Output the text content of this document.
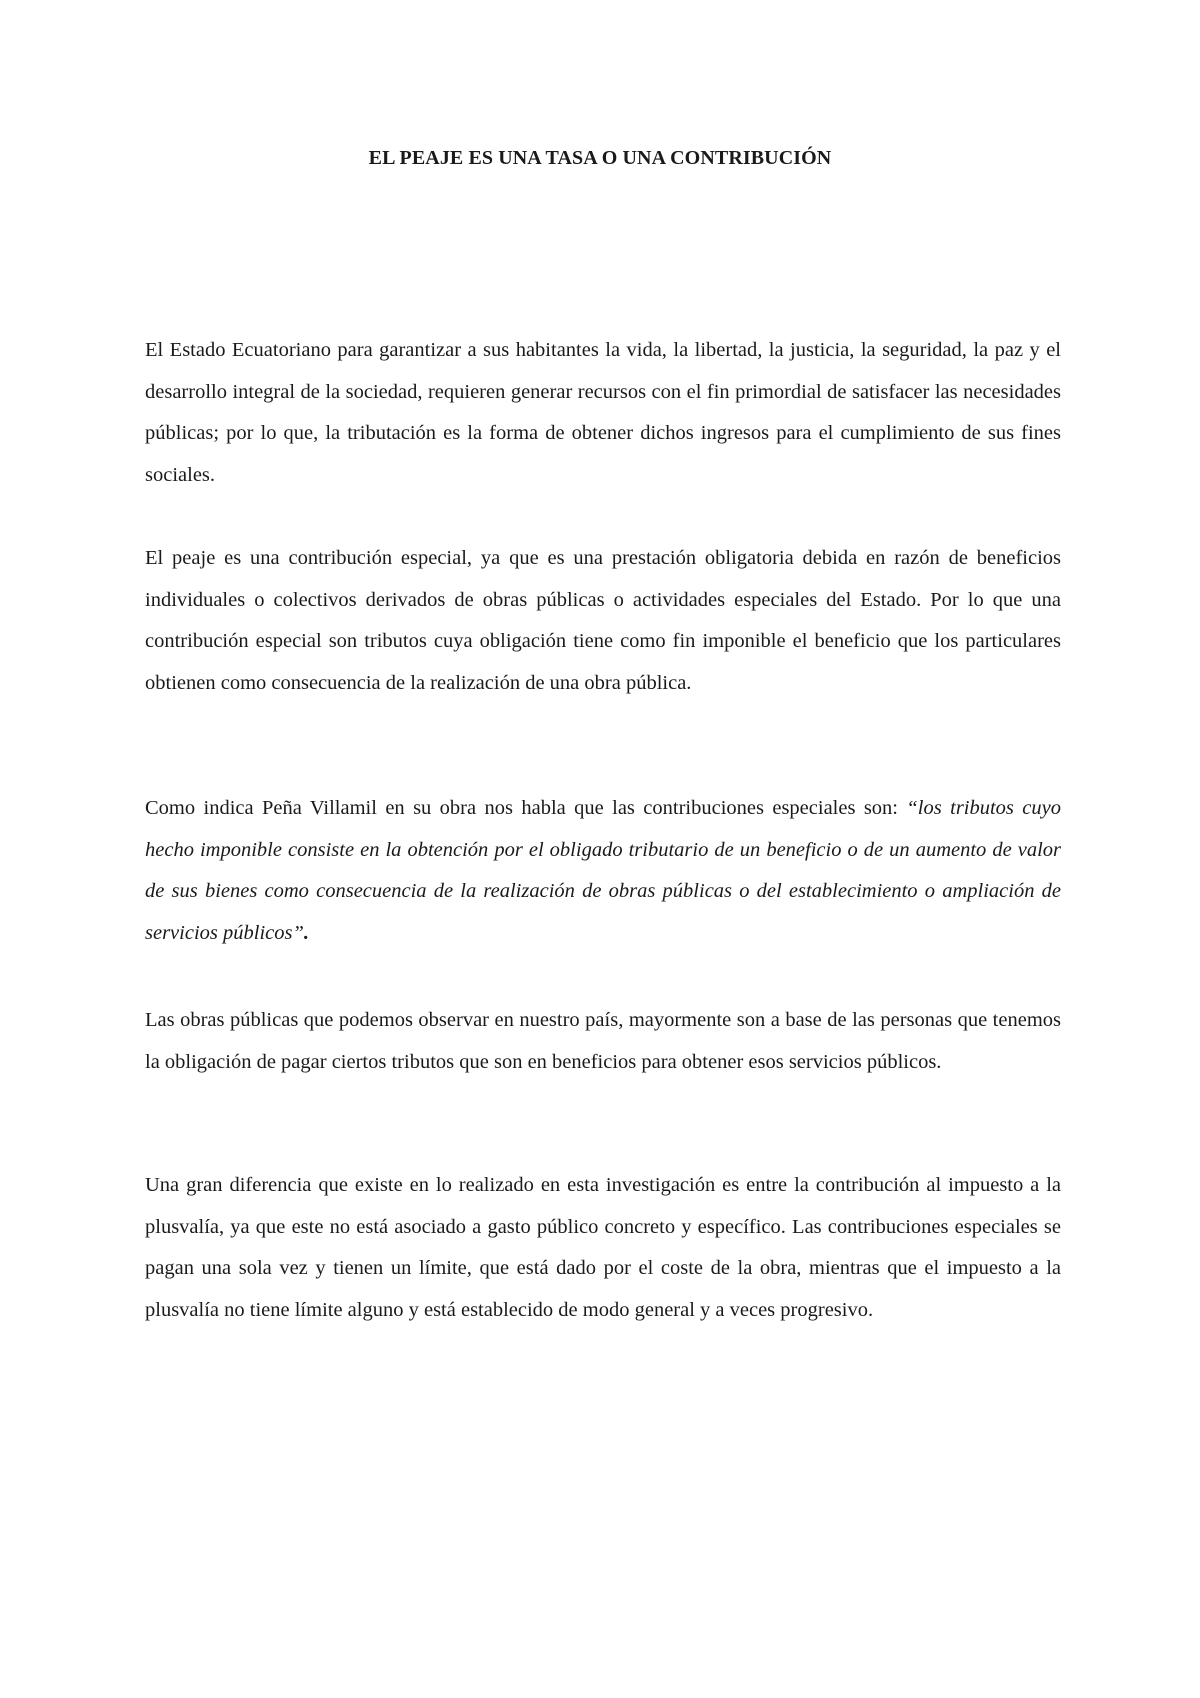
EL PEAJE ES UNA TASA O UNA CONTRIBUCIÓN

El Estado Ecuatoriano para garantizar a sus habitantes la vida, la libertad, la justicia, la seguridad, la paz y el desarrollo integral de la sociedad, requieren generar recursos con el fin primordial de satisfacer las necesidades públicas; por lo que, la tributación es la forma de obtener dichos ingresos para el cumplimiento de sus fines sociales.

El peaje es una contribución especial, ya que es una prestación obligatoria debida en razón de beneficios individuales o colectivos derivados de obras públicas o actividades especiales del Estado. Por lo que una contribución especial son tributos cuya obligación tiene como fin imponible el beneficio que los particulares obtienen como consecuencia de la realización de una obra pública.

Como indica Peña Villamil en su obra nos habla que las contribuciones especiales son: “los tributos cuyo hecho imponible consiste en la obtención por el obligado tributario de un beneficio o de un aumento de valor de sus bienes como consecuencia de la realización de obras públicas o del establecimiento o ampliación de servicios públicos”.

Las obras públicas que podemos observar en nuestro país, mayormente son a base de las personas que tenemos la obligación de pagar ciertos tributos que son en beneficios para obtener esos servicios públicos.

Una gran diferencia que existe en lo realizado en esta investigación es entre la contribución al impuesto a la plusvalía, ya que este no está asociado a gasto público concreto y específico. Las contribuciones especiales se pagan una sola vez y tienen un límite, que está dado por el coste de la obra, mientras que el impuesto a la plusvalía no tiene límite alguno y está establecido de modo general y a veces progresivo.
